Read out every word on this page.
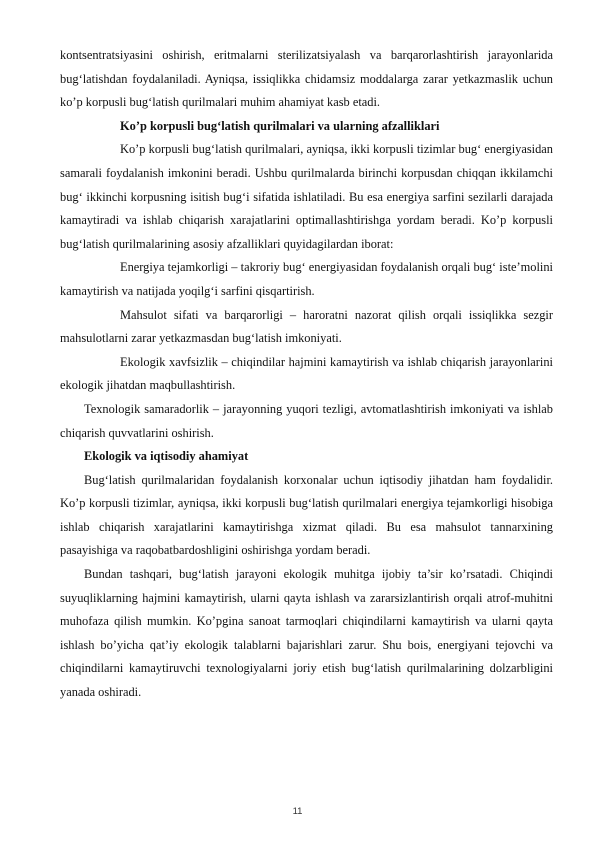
kontsentratsiyasini oshirish, eritmalarni sterilizatsiyalash va barqarorlashtirish jarayonlarida bug‘latishdan foydalaniladi. Ayniqsa, issiqlikka chidamsiz moddalarga zarar yetkazmaslik uchun ko’p korpusli bug‘latish qurilmalari muhim ahamiyat kasb etadi.

Ko’p korpusli bug‘latish qurilmalari va ularning afzalliklari

Ko’p korpusli bug‘latish qurilmalari, ayniqsa, ikki korpusli tizimlar bug‘ energiyasidan samarali foydalanish imkonini beradi. Ushbu qurilmalarda birinchi korpusdan chiqqan ikkilamchi bug‘ ikkinchi korpusning isitish bug‘i sifatida ishlatiladi. Bu esa energiya sarfini sezilarli darajada kamaytiradi va ishlab chiqarish xarajatlarini optimallashtirishga yordam beradi. Ko’p korpusli bug‘latish qurilmalarining asosiy afzalliklari quyidagilardan iborat:

Energiya tejamkorligi – takroriy bug‘ energiyasidan foydalanish orqali bug‘ iste’molini kamaytirish va natijada yoqilg‘i sarfini qisqartirish.

Mahsulot sifati va barqarorligi – haroratni nazorat qilish orqali issiqlikka sezgir mahsulotlarni zarar yetkazmasdan bug‘latish imkoniyati.

Ekologik xavfsizlik – chiqindilar hajmini kamaytirish va ishlab chiqarish jarayonlarini ekologik jihatdan maqbullashtirish.

Texnologik samaradorlik – jarayonning yuqori tezligi, avtomatlashtirish imkoniyati va ishlab chiqarish quvvatlarini oshirish.

Ekologik va iqtisodiy ahamiyat

Bug‘latish qurilmalaridan foydalanish korxonalar uchun iqtisodiy jihatdan ham foydalidir. Ko’p korpusli tizimlar, ayniqsa, ikki korpusli bug‘latish qurilmalari energiya tejamkorligi hisobiga ishlab chiqarish xarajatlarini kamaytirishga xizmat qiladi. Bu esa mahsulot tannarxining pasayishiga va raqobatbardoshligini oshirishga yordam beradi.

Bundan tashqari, bug‘latish jarayoni ekologik muhitga ijobiy ta’sir ko’rsatadi. Chiqindi suyuqliklarning hajmini kamaytirish, ularni qayta ishlash va zararsizlantirish orqali atrof-muhitni muhofaza qilish mumkin. Ko’pgina sanoat tarmoqlari chiqindilarni kamaytirish va ularni qayta ishlash bo’yicha qat’iy ekologik talablarni bajarishlari zarur. Shu bois, energiyani tejovchi va chiqindilarni kamaytiruvchi texnologiyalarni joriy etish bug‘latish qurilmalarining dolzarbligini yanada oshiradi.

11
